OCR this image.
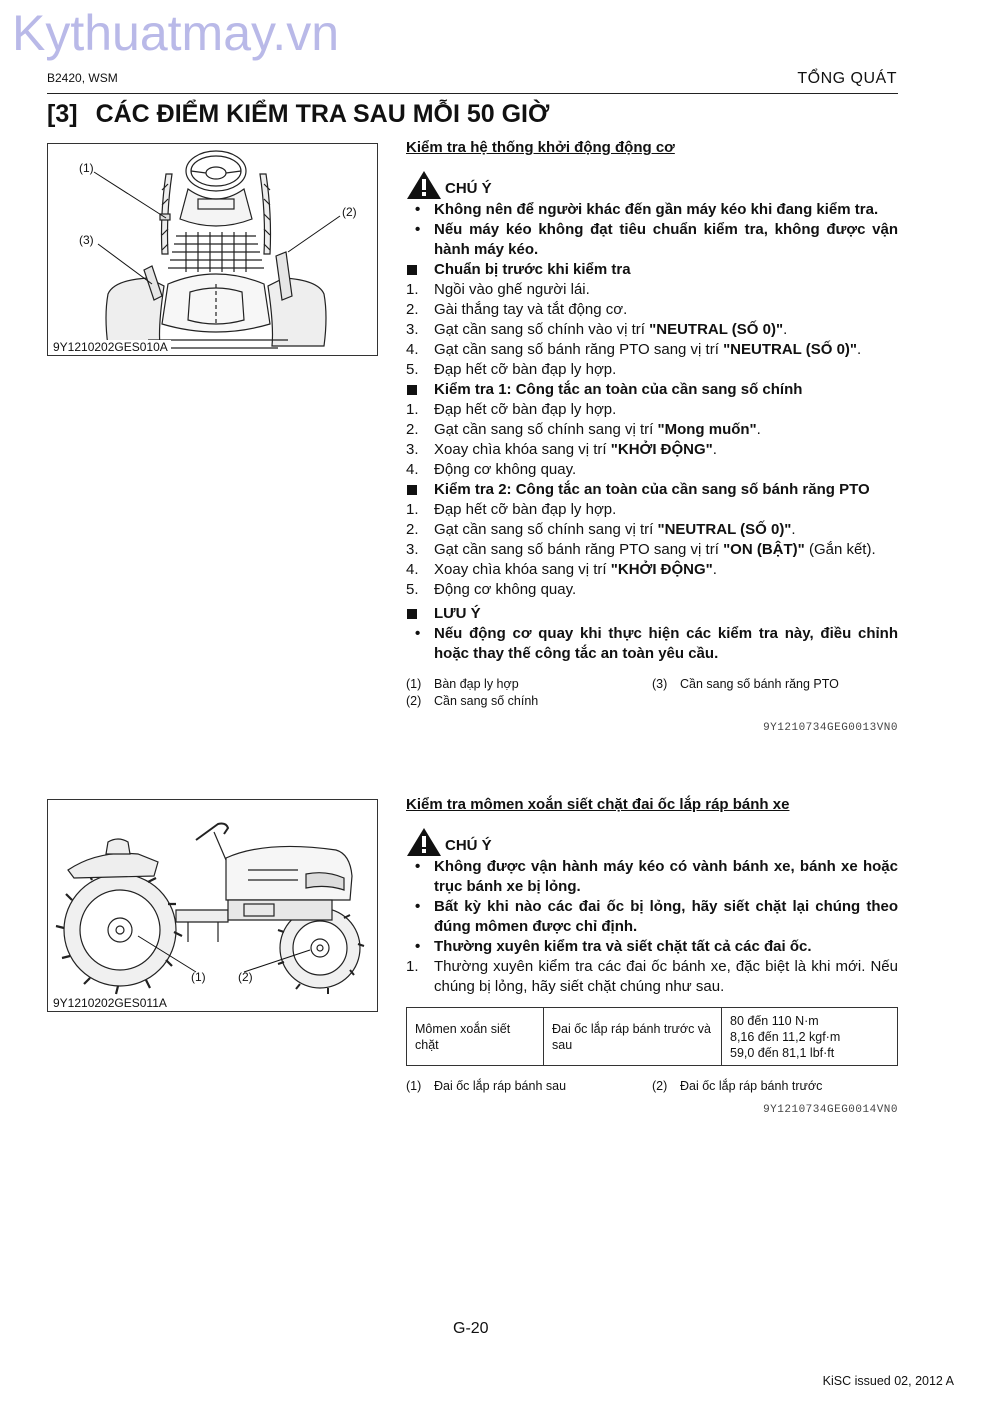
Kythuatmay.vn
B2420, WSM	TỔNG QUÁT
[3] CÁC ĐIỂM KIỂM TRA SAU MỖI 50 GIỜ
(1)
(2)
(3)
9Y1210202GES010A
(1)	(2)
9Y1210202GES011A
Kiểm tra hệ thống khởi động động cơ
CHÚ Ý
• Không nên để người khác đến gần máy kéo khi đang kiểm tra.
• Nếu máy kéo không đạt tiêu chuẩn kiểm tra, không được vận hành máy kéo.
Chuẩn bị trước khi kiểm tra
1. Ngồi vào ghế người lái.
2. Gài thắng tay và tắt động cơ.
3. Gạt cần sang số chính vào vị trí "NEUTRAL (SỐ 0)".
4. Gạt cần sang số bánh răng PTO sang vị trí "NEUTRAL (SỐ 0)".
5. Đạp hết cỡ bàn đạp ly hợp.
Kiểm tra 1: Công tắc an toàn của cần sang số chính
1. Đạp hết cỡ bàn đạp ly hợp.
2. Gạt cần sang số chính sang vị trí "Mong muốn".
3. Xoay chìa khóa sang vị trí "KHỞI ĐỘNG".
4. Động cơ không quay.
Kiểm tra 2: Công tắc an toàn của cần sang số bánh răng PTO
1. Đạp hết cỡ bàn đạp ly hợp.
2. Gạt cần sang số chính sang vị trí "NEUTRAL (SỐ 0)".
3. Gạt cần sang số bánh răng PTO sang vị trí "ON (BẬT)" (Gắn kết).
4. Xoay chìa khóa sang vị trí "KHỞI ĐỘNG".
5. Động cơ không quay.
LƯU Ý
• Nếu động cơ quay khi thực hiện các kiểm tra này, điều chỉnh hoặc thay thế công tắc an toàn yêu cầu.
(1) Bàn đạp ly hợp
(2) Cần sang số chính
(3) Cần sang số bánh răng PTO
9Y1210734GEG0013VN0
Kiểm tra mômen xoắn siết chặt đai ốc lắp ráp bánh xe
CHÚ Ý
• Không được vận hành máy kéo có vành bánh xe, bánh xe hoặc trục bánh xe bị lỏng.
• Bất kỳ khi nào các đai ốc bị lỏng, hãy siết chặt lại chúng theo đúng mômen được chỉ định.
• Thường xuyên kiểm tra và siết chặt tất cả các đai ốc.
1. Thường xuyên kiểm tra các đai ốc bánh xe, đặc biệt là khi mới. Nếu chúng bị lỏng, hãy siết chặt chúng như sau.
Mômen xoắn siết chặt	Đai ốc lắp ráp bánh trước và sau	
80 đến 110 N·m
8,16 đến 11,2 kgf·m
59,0 đến 81,1 lbf·ft
(1) Đai ốc lắp ráp bánh sau	(2) Đai ốc lắp ráp bánh trước
9Y1210734GEG0014VN0
G-20
KiSC issued 02, 2012 A
